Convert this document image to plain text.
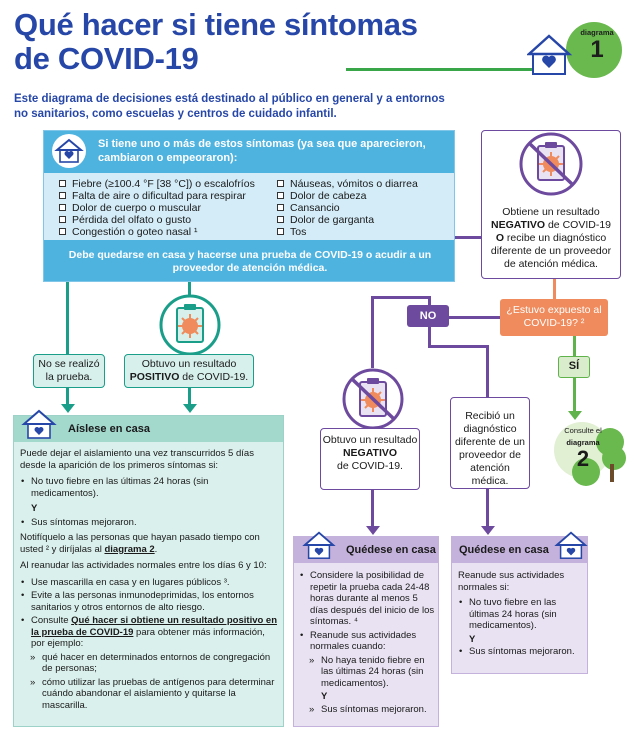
Qué hacer si tiene síntomas de COVID-19
Este diagrama de decisiones está destinado al público en general y a entornos no sanitarios, como escuelas y centros de cuidado infantil.
diagrama
1
Si tiene uno o más de estos síntomas (ya sea que aparecieron, cambiaron o empeoraron):
Fiebre (≥100.4 °F [38 °C]) o escalofríos
Falta de aire o dificultad para respirar
Dolor de cuerpo o muscular
Pérdida del olfato o gusto
Congestión o goteo nasal ¹
Náuseas, vómitos o diarrea
Dolor de cabeza
Cansancio
Dolor de garganta
Tos
Debe quedarse en casa y hacerse una prueba de COVID-19 o acudir a un proveedor de atención médica.
Obtiene un resultado
NEGATIVO de COVID-19 O recibe un diagnóstico diferente de un proveedor de atención médica.
¿Estuvo expuesto al COVID-19? ²
NO
SÍ
Consulte el
diagrama
2
No se realizó la prueba.
Obtuvo un resultado
POSITIVO de COVID-19.
Aíslese en casa

Puede dejar el aislamiento una vez transcurridos 5 días desde la aparición de los primeros síntomas si:

• No tuvo fiebre en las últimas 24 horas (sin medicamentos).
Y
• Sus síntomas mejoraron.

Notifíquelo a las personas que hayan pasado tiempo con usted ² y diríjalas al diagrama 2.

Al reanudar las actividades normales entre los días 6 y 10:

• Use mascarilla en casa y en lugares públicos ³.
• Evite a las personas inmunodeprimidas, los entornos sanitarios y otros entornos de alto riesgo.
• Consulte Qué hacer si obtiene un resultado positivo en la prueba de COVID-19 para obtener más información, por ejemplo:
» qué hacer en determinados entornos de congregación de personas;
» cómo utilizar las pruebas de antígenos para determinar cuándo abandonar el aislamiento y quitarse la mascarilla.
Obtuvo un resultado
NEGATIVO
de COVID-19.
Recibió un diagnóstico diferente de un proveedor de atención médica.
Quédese en casa
• Considere la posibilidad de repetir la prueba cada 24-48 horas durante al menos 5 días después del inicio de los síntomas. ⁴
• Reanude sus actividades normales cuando:
» No haya tenido fiebre en las últimas 24 horas (sin medicamentos).
Y
» Sus síntomas mejoraron.
Quédese en casa

Reanude sus actividades normales si:

• No tuvo fiebre en las últimas 24 horas (sin medicamentos).
Y
• Sus síntomas mejoraron.
